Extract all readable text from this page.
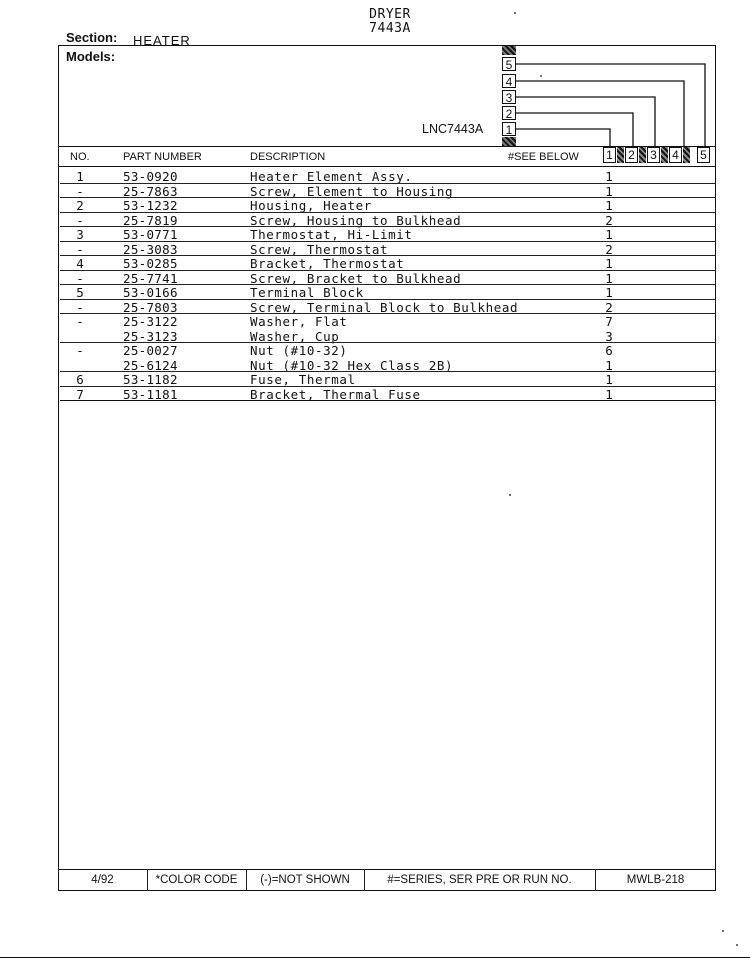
DRYER
7443A
Section: HEATER
Models:
5
4
3
2
1
LNC7443A
NO.	PART NUMBER	DESCRIPTION	#SEE BELOW 1 2 3 4 5
1	53-0920	Heater Element Assy.	1
-	25-7863	Screw, Element to Housing	1
2	53-1232	Housing, Heater	1
-	25-7819	Screw, Housing to Bulkhead	2
3	53-0771	Thermostat, Hi-Limit	1
-	25-3083	Screw, Thermostat	2
4	53-0285	Bracket, Thermostat	1
-	25-7741	Screw, Bracket to Bulkhead	1
5	53-0166	Terminal Block	1
-	25-7803	Screw, Terminal Block to Bulkhead	2
-	25-3122	Washer, Flat	7
25-3123	Washer, Cup	3
-	25-0027	Nut (#10-32)	6
25-6124	Nut (#10-32 Hex Class 2B)	1
6	53-1182	Fuse, Thermal	1
7	53-1181	Bracket, Thermal Fuse	1
4/92	*COLOR CODE	(-)=NOT SHOWN	#=SERIES, SER PRE OR RUN NO.	MWLB-218
